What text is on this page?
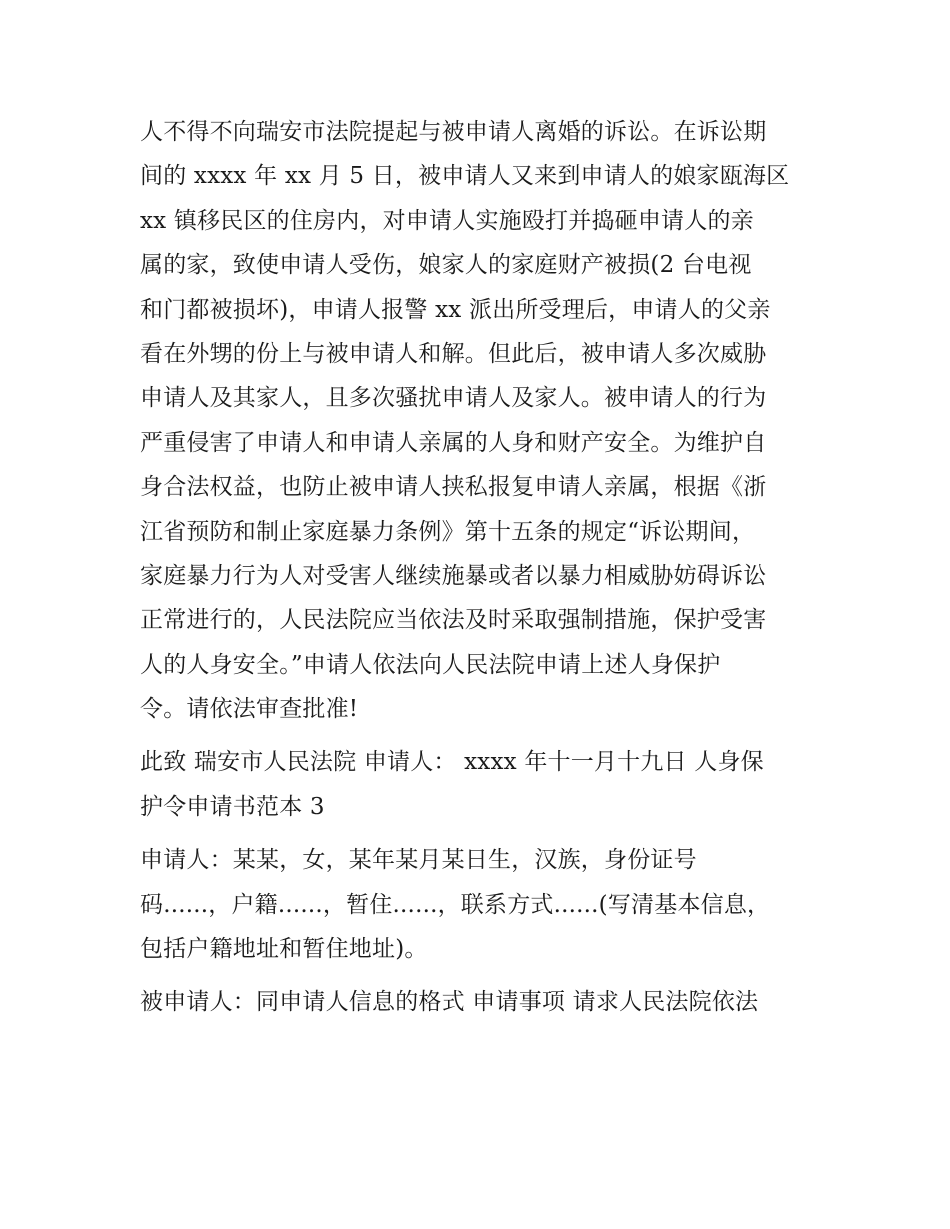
人不得不向瑞安市法院提起与被申请人离婚的诉讼。在诉讼期
间的 xxxx 年 xx 月 5 日，被申请人又来到申请人的娘家瓯海区
xx 镇移民区的住房内，对申请人实施殴打并捣砸申请人的亲
属的家，致使申请人受伤，娘家人的家庭财产被损(2 台电视
和门都被损坏)，申请人报警 xx 派出所受理后，申请人的父亲
看在外甥的份上与被申请人和解。但此后，被申请人多次威胁
申请人及其家人，且多次骚扰申请人及家人。被申请人的行为
严重侵害了申请人和申请人亲属的人身和财产安全。为维护自
身合法权益，也防止被申请人挟私报复申请人亲属，根据《浙
江省预防和制止家庭暴力条例》第十五条的规定“诉讼期间，
家庭暴力行为人对受害人继续施暴或者以暴力相威胁妨碍诉讼
正常进行的，人民法院应当依法及时采取强制措施，保护受害
人的人身安全。”申请人依法向人民法院申请上述人身保护
令。请依法审查批准!
此致 瑞安市人民法院 申请人： xxxx 年十一月十九日 人身保
护令申请书范本 3
申请人：某某，女，某年某月某日生，汉族，身份证号
码......，户籍......，暂住......，联系方式......(写清基本信息，
包括户籍地址和暂住地址)。
被申请人：同申请人信息的格式 申请事项 请求人民法院依法
